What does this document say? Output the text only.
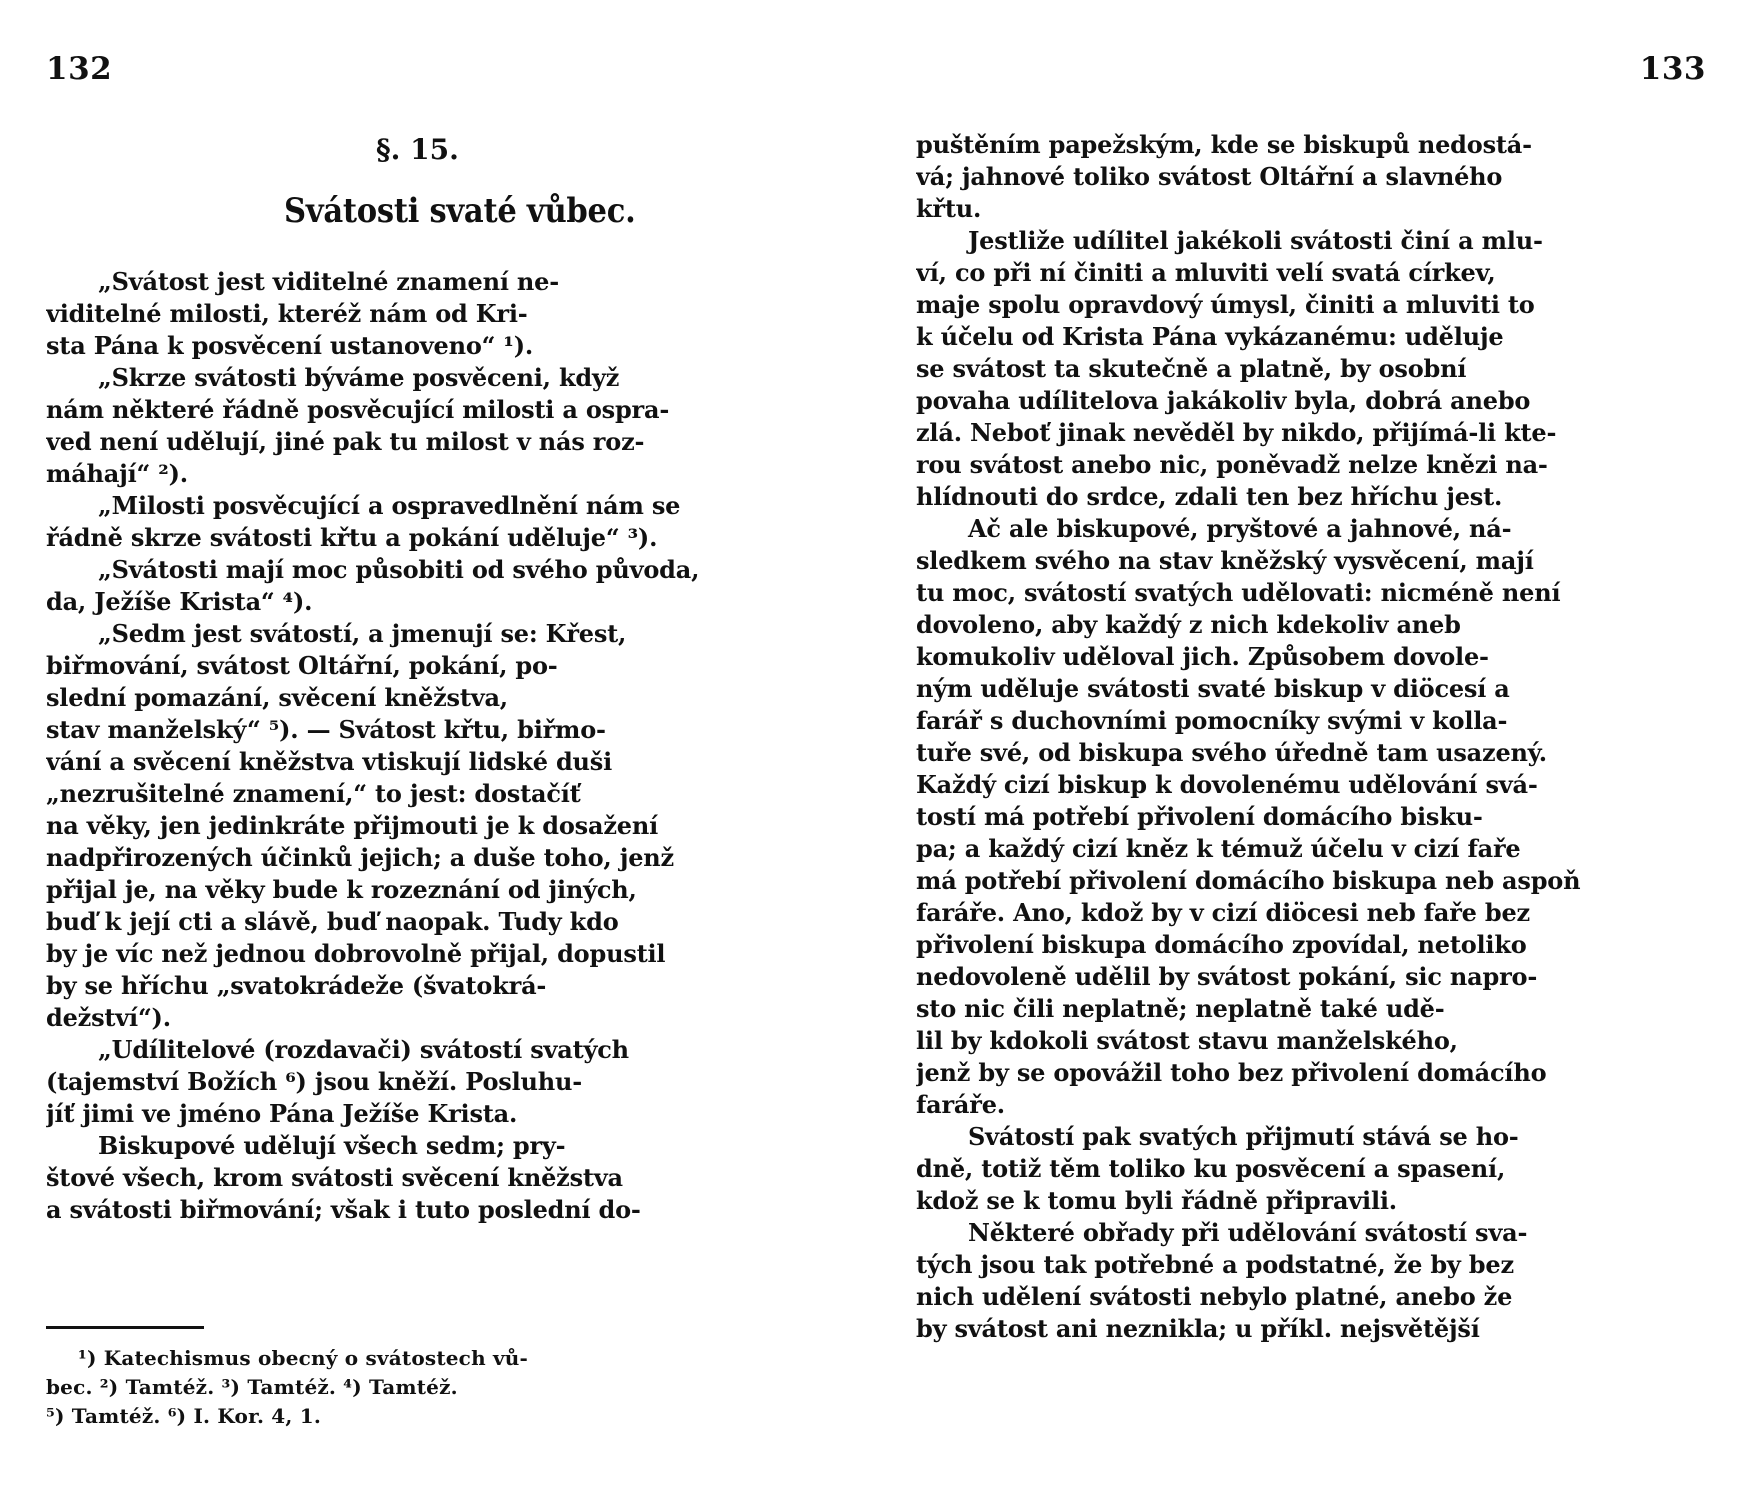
132
§. 15.
Svátosti svaté vůbec.
„Svátost jest viditelné znamení ne-
viditelné milosti, kteréž nám od Kri-
sta Pána k posvěcení ustanoveno“ ¹).
„Skrze svátosti býváme posvěceni, když
nám některé řádně posvěcující milosti a ospra-
ved není udělují, jiné pak tu milost v nás roz-
máhají“ ²).
„Milosti posvěcující a ospravedlnění nám se
řádně skrze svátosti křtu a pokání uděluje“ ³).
„Svátosti mají moc působiti od svého původa,
da, Ježíše Krista“ ⁴).
„Sedm jest svátostí, a jmenují se: Křest,
biřmování, svátost Oltářní, pokání, po-
slední pomazání, svěcení kněžstva,
stav manželský“ ⁵). — Svátost křtu, biřmo-
vání a svěcení kněžstva vtiskují lidské duši
„nezrušitelné znamení,“ to jest: dostačíť
na věky, jen jedinkráte přijmouti je k dosažení
nadpřirozených účinků jejich; a duše toho, jenž
přijal je, na věky bude k rozeznání od jiných,
buď k její cti a slávě, buď naopak. Tudy kdo
by je víc než jednou dobrovolně přijal, dopustil
by se hříchu „svatokrádeže (švatokrá-
dežství“).
„Udílitelové (rozdavači) svátostí svatých
(tajemství Božích ⁶) jsou kněží. Posluhu-
jíť jimi ve jméno Pána Ježíše Krista.
Biskupové udělují všech sedm; pry-
štové všech, krom svátosti svěcení kněžstva
a svátosti biřmování; však i tuto poslední do-
¹) Katechismus obecný o svátostech vů-
bec. ²) Tamtéž. ³) Tamtéž. ⁴) Tamtéž.
⁵) Tamtéž. ⁶) I. Kor. 4, 1.
133
puštěním papežským, kde se biskupů nedostá-
vá; jahnové toliko svátost Oltářní a slavného
křtu.
Jestliže udílitel jakékoli svátosti činí a mlu-
ví, co při ní činiti a mluviti velí svatá církev,
maje spolu opravdový úmysl, činiti a mluviti to
k účelu od Krista Pána vykázanému: uděluje
se svátost ta skutečně a platně, by osobní
povaha udílitelova jakákoliv byla, dobrá anebo
zlá. Neboť jinak nevěděl by nikdo, přijímá-li kte-
rou svátost anebo nic, poněvadž nelze knězi na-
hlídnouti do srdce, zdali ten bez hříchu jest.
Ač ale biskupové, pryštové a jahnové, ná-
sledkem svého na stav kněžský vysvěcení, mají
tu moc, svátostí svatých udělovati: nicméně není
dovoleno, aby každý z nich kdekoliv aneb
komukoliv uděloval jich. Způsobem dovole-
ným uděluje svátosti svaté biskup v diöcesí a
farář s duchovními pomocníky svými v kolla-
tuře své, od biskupa svého úředně tam usazený.
Každý cizí biskup k dovolenému udělování svá-
tostí má potřebí přivolení domácího bisku-
pa; a každý cizí kněz k témuž účelu v cizí faře
má potřebí přivolení domácího biskupa neb aspoň
faráře. Ano, kdož by v cizí diöcesi neb faře bez
přivolení biskupa domácího zpovídal, netoliko
nedovoleně udělil by svátost pokání, sic napro-
sto nic čili neplatně; neplatně také udě-
lil by kdokoli svátost stavu manželského,
jenž by se opovážil toho bez přivolení domácího
faráře.
Svátostí pak svatých přijmutí stává se ho-
dně, totiž těm toliko ku posvěcení a spasení,
kdož se k tomu byli řádně připravili.
Některé obřady při udělování svátostí sva-
tých jsou tak potřebné a podstatné, že by bez
nich udělení svátosti nebylo platné, anebo že
by svátost ani neznikla; u příkl. nejsvětější
